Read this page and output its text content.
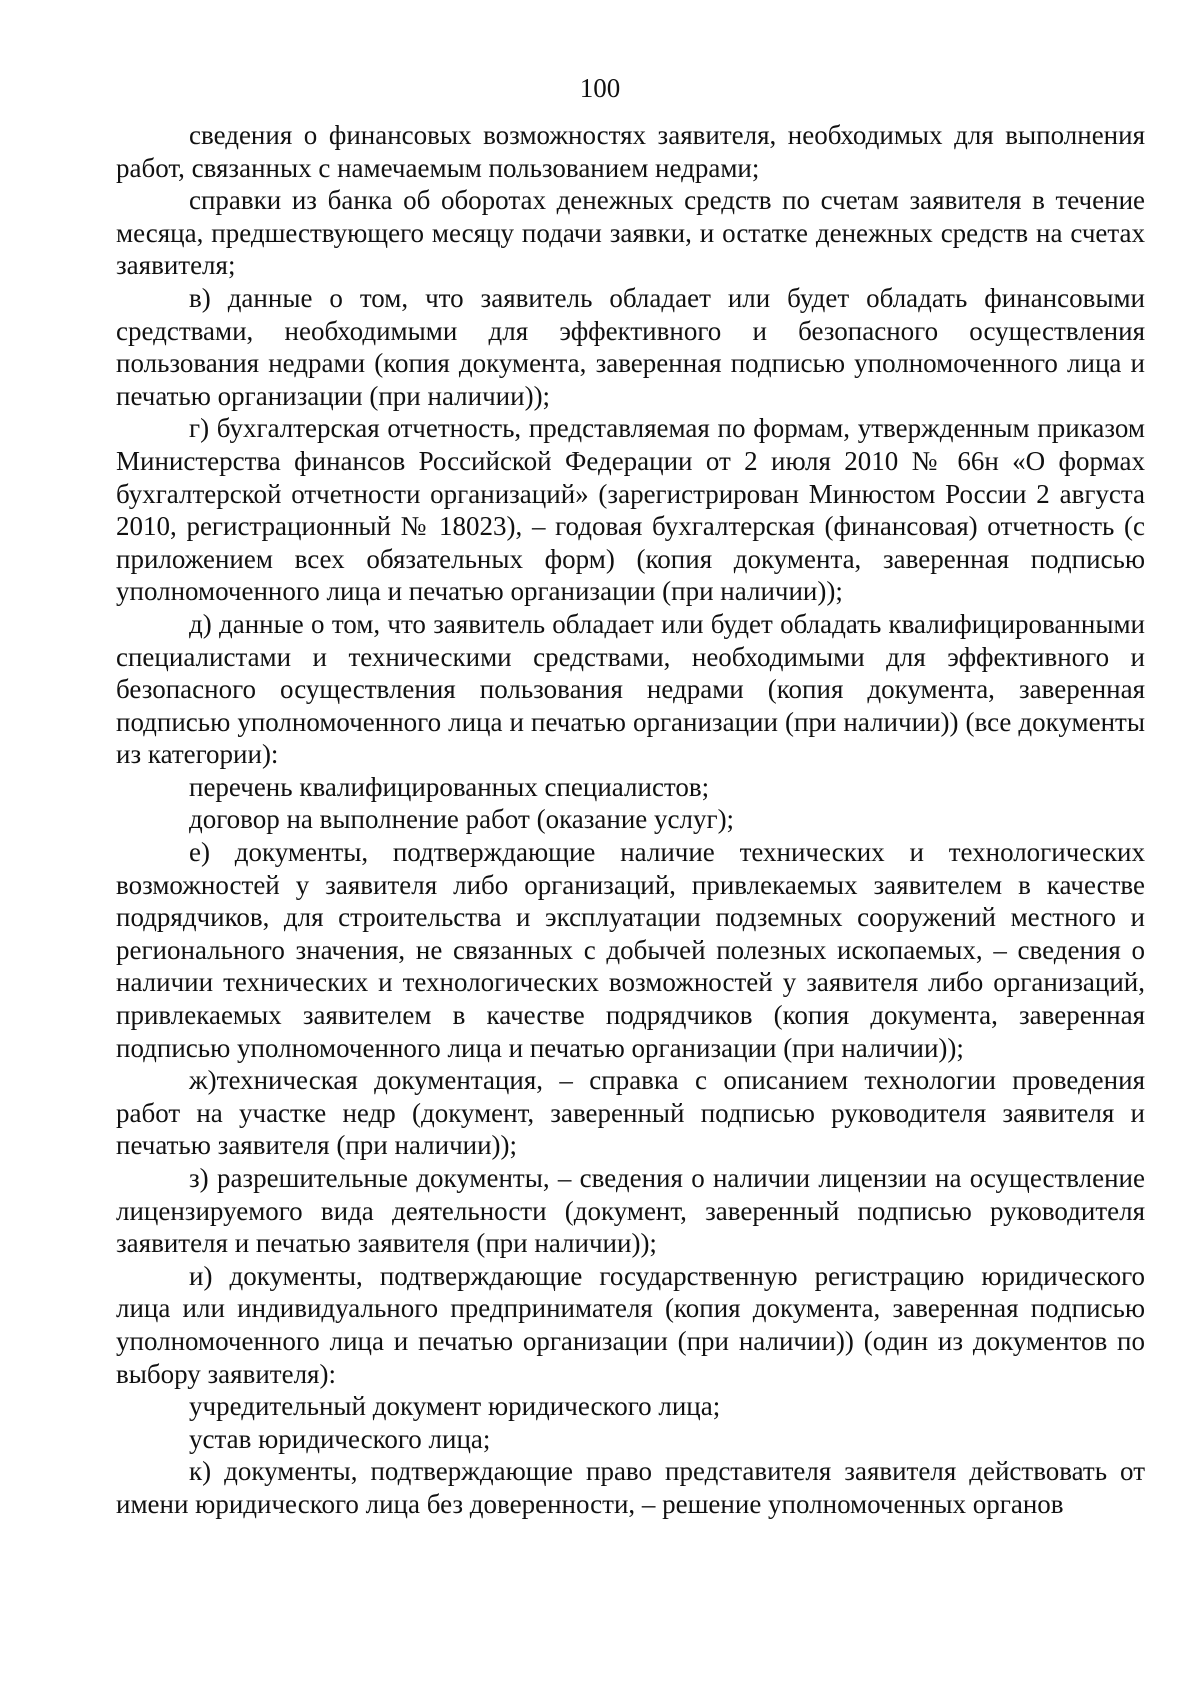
100

сведения о финансовых возможностях заявителя, необходимых для выполнения работ, связанных с намечаемым пользованием недрами;

справки из банка об оборотах денежных средств по счетам заявителя в течение месяца, предшествующего месяцу подачи заявки, и остатке денежных средств на счетах заявителя;

в) данные о том, что заявитель обладает или будет обладать финансовыми средствами, необходимыми для эффективного и безопасного осуществления пользования недрами (копия документа, заверенная подписью уполномоченного лица и печатью организации (при наличии));

г) бухгалтерская отчетность, представляемая по формам, утвержденным приказом Министерства финансов Российской Федерации от 2 июля 2010 № 66н «О формах бухгалтерской отчетности организаций» (зарегистрирован Минюстом России 2 августа 2010, регистрационный № 18023), – годовая бухгалтерская (финансовая) отчетность (с приложением всех обязательных форм) (копия документа, заверенная подписью уполномоченного лица и печатью организации (при наличии));

д) данные о том, что заявитель обладает или будет обладать квалифицированными специалистами и техническими средствами, необходимыми для эффективного и безопасного осуществления пользования недрами (копия документа, заверенная подписью уполномоченного лица и печатью организации (при наличии)) (все документы из категории):

перечень квалифицированных специалистов;

договор на выполнение работ (оказание услуг);

е) документы, подтверждающие наличие технических и технологических возможностей у заявителя либо организаций, привлекаемых заявителем в качестве подрядчиков, для строительства и эксплуатации подземных сооружений местного и регионального значения, не связанных с добычей полезных ископаемых, – сведения о наличии технических и технологических возможностей у заявителя либо организаций, привлекаемых заявителем в качестве подрядчиков (копия документа, заверенная подписью уполномоченного лица и печатью организации (при наличии));

ж)техническая документация, – справка с описанием технологии проведения работ на участке недр (документ, заверенный подписью руководителя заявителя и печатью заявителя (при наличии));

з) разрешительные документы, – сведения о наличии лицензии на осуществление лицензируемого вида деятельности (документ, заверенный подписью руководителя заявителя и печатью заявителя (при наличии));

и) документы, подтверждающие государственную регистрацию юридического лица или индивидуального предпринимателя (копия документа, заверенная подписью уполномоченного лица и печатью организации (при наличии)) (один из документов по выбору заявителя):

учредительный документ юридического лица;

устав юридического лица;

к) документы, подтверждающие право представителя заявителя действовать от имени юридического лица без доверенности, – решение уполномоченных органов
